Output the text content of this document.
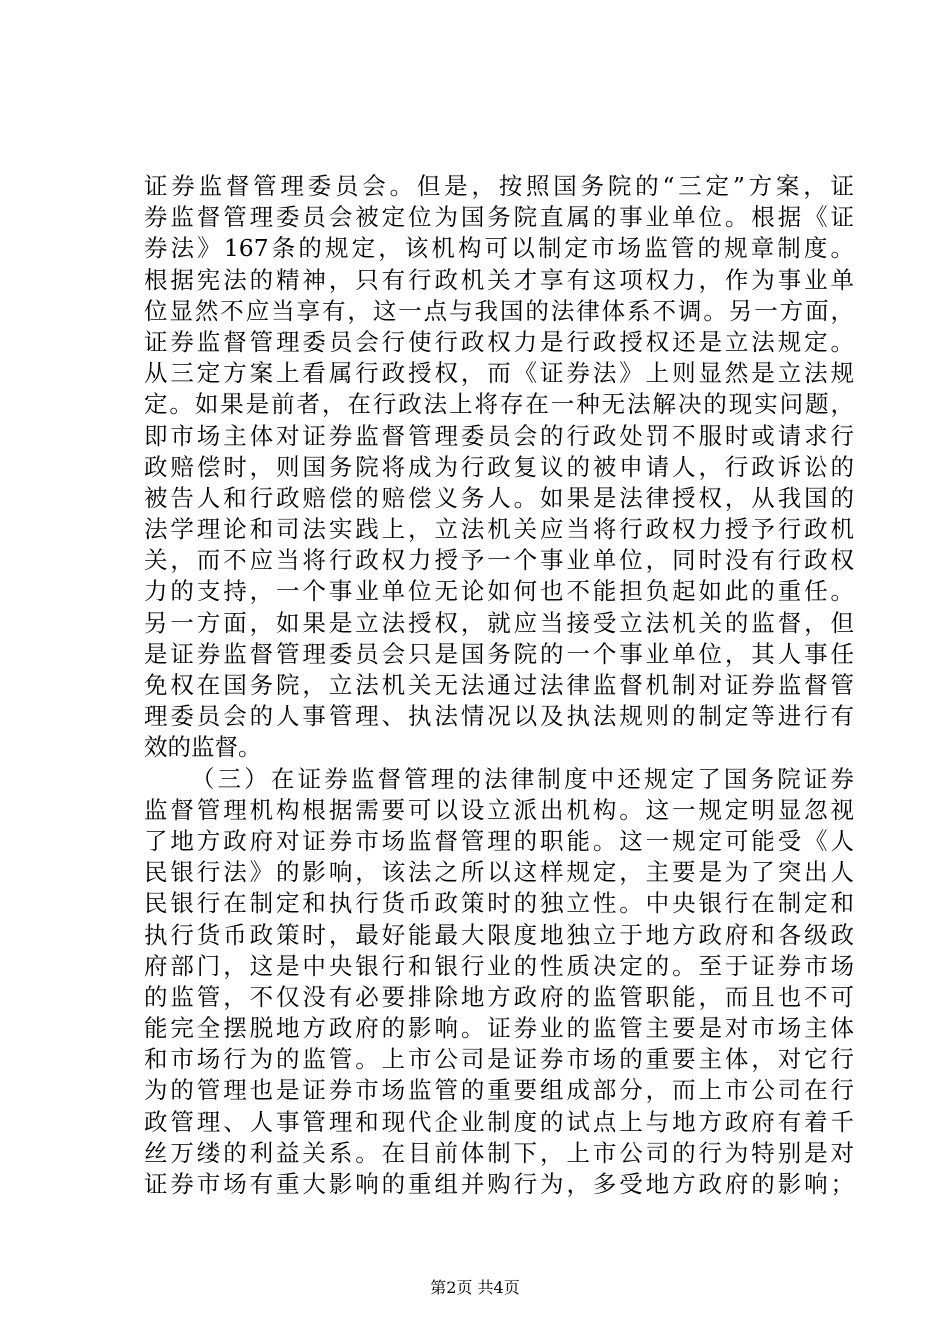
证券监督管理委员会。但是，按照国务院的“三定”方案，证
券监督管理委员会被定位为国务院直属的事业单位。根据《证
券法》167条的规定，该机构可以制定市场监管的规章制度。
根据宪法的精神，只有行政机关才享有这项权力，作为事业单
位显然不应当享有，这一点与我国的法律体系不调。另一方面，
证券监督管理委员会行使行政权力是行政授权还是立法规定。
从三定方案上看属行政授权，而《证券法》上则显然是立法规
定。如果是前者，在行政法上将存在一种无法解决的现实问题，
即市场主体对证券监督管理委员会的行政处罚不服时或请求行
政赔偿时，则国务院将成为行政复议的被申请人，行政诉讼的
被告人和行政赔偿的赔偿义务人。如果是法律授权，从我国的
法学理论和司法实践上，立法机关应当将行政权力授予行政机
关，而不应当将行政权力授予一个事业单位，同时没有行政权
力的支持，一个事业单位无论如何也不能担负起如此的重任。
另一方面，如果是立法授权，就应当接受立法机关的监督，但
是证券监督管理委员会只是国务院的一个事业单位，其人事任
免权在国务院，立法机关无法通过法律监督机制对证券监督管
理委员会的人事管理、执法情况以及执法规则的制定等进行有
效的监督。
（三）在证券监督管理的法律制度中还规定了国务院证券
监督管理机构根据需要可以设立派出机构。这一规定明显忽视
了地方政府对证券市场监督管理的职能。这一规定可能受《人
民银行法》的影响，该法之所以这样规定，主要是为了突出人
民银行在制定和执行货币政策时的独立性。中央银行在制定和
执行货币政策时，最好能最大限度地独立于地方政府和各级政
府部门，这是中央银行和银行业的性质决定的。至于证券市场
的监管，不仅没有必要排除地方政府的监管职能，而且也不可
能完全摆脱地方政府的影响。证券业的监管主要是对市场主体
和市场行为的监管。上市公司是证券市场的重要主体，对它行
为的管理也是证券市场监管的重要组成部分，而上市公司在行
政管理、人事管理和现代企业制度的试点上与地方政府有着千
丝万缕的利益关系。在目前体制下，上市公司的行为特别是对
证券市场有重大影响的重组并购行为，多受地方政府的影响；
第2页 共4页
